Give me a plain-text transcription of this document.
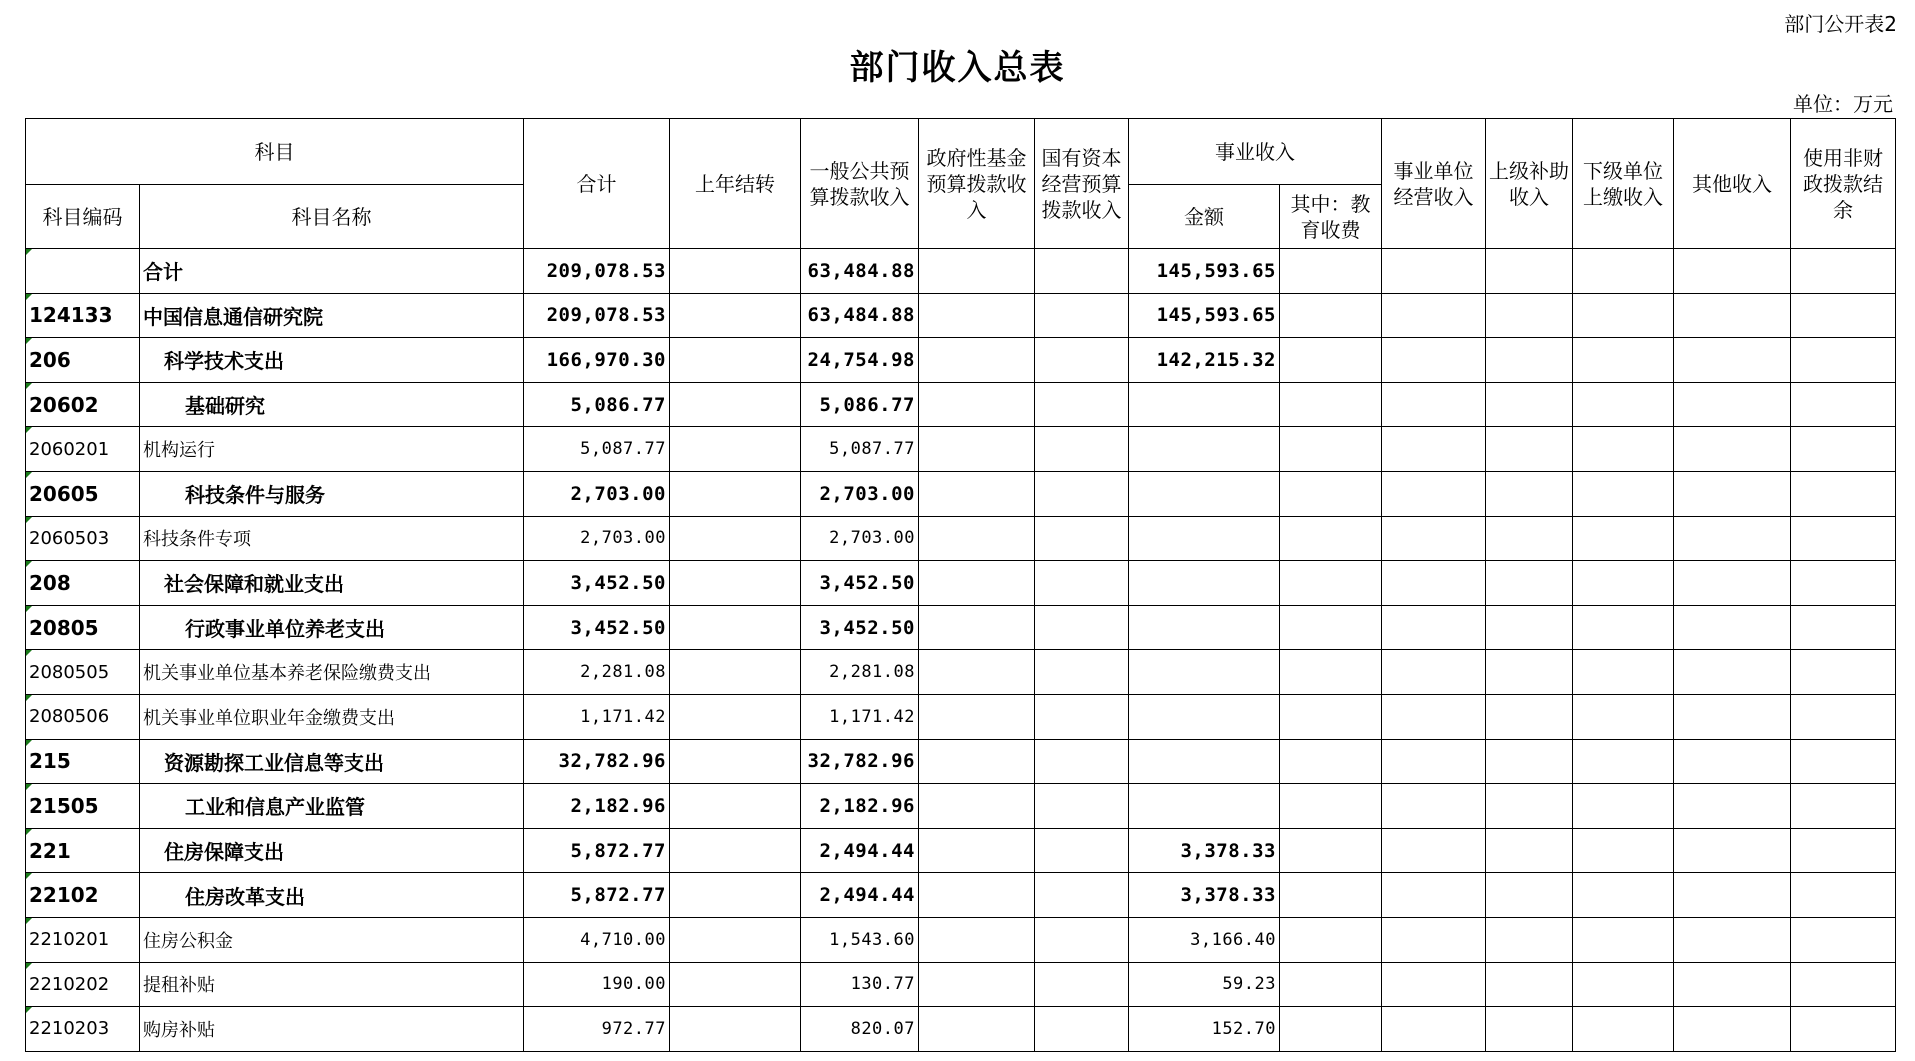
部门公开表2
部门收入总表
单位：万元
科目		合计	上年结转	一般公共预算拨款收入	政府性基金预算拨款收入	国有资本经营预算拨款收入	事业收入		事业单位经营收入	上级补助收入	下级单位上缴收入	其他收入	使用非财政拨款结余
科目编码	科目名称						金额	其中：教育收费					
	合计	209,078.53		63,484.88			145,593.65						
124133	中国信息通信研究院	209,078.53		63,484.88			145,593.65						
206	科学技术支出	166,970.30		24,754.98			142,215.32						
20602	基础研究	5,086.77		5,086.77									
2060201	机构运行	5,087.77		5,087.77									
20605	科技条件与服务	2,703.00		2,703.00									
2060503	科技条件专项	2,703.00		2,703.00									
208	社会保障和就业支出	3,452.50		3,452.50									
20805	行政事业单位养老支出	3,452.50		3,452.50									
2080505	机关事业单位基本养老保险缴费支出	2,281.08		2,281.08									
2080506	机关事业单位职业年金缴费支出	1,171.42		1,171.42									
215	资源勘探工业信息等支出	32,782.96		32,782.96									
21505	工业和信息产业监管	2,182.96		2,182.96									
221	住房保障支出	5,872.77		2,494.44			3,378.33						
22102	住房改革支出	5,872.77		2,494.44			3,378.33						
2210201	住房公积金	4,710.00		1,543.60			3,166.40						
2210202	提租补贴	190.00		130.77			59.23						
2210203	购房补贴	972.77		820.07			152.70						
